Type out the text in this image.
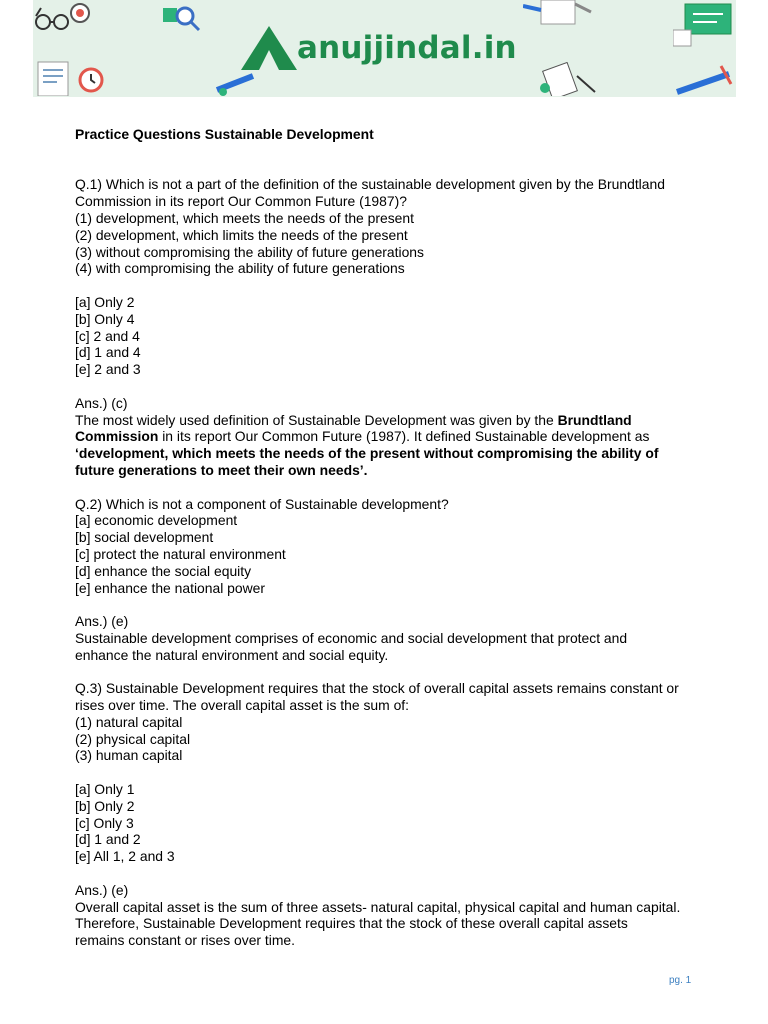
anujjindal.in

Practice Questions Sustainable Development

Q.1) Which is not a part of the definition of the sustainable development given by the Brundtland

Commission in its report Our Common Future (1987)?

(1) development, which meets the needs of the present

(2) development, which limits the needs of the present

(3) without compromising the ability of future generations

(4) with compromising the ability of future generations

[a] Only 2

[b] Only 4

[c] 2 and 4

[d] 1 and 4

[e] 2 and 3

Ans.) (c)

The most widely used definition of Sustainable Development was given by the Brundtland

Commission in its report Our Common Future (1987). It defined Sustainable development as

‘development, which meets the needs of the present without compromising the ability of

future generations to meet their own needs’.

Q.2) Which is not a component of Sustainable development?

[a] economic development

[b] social development

[c] protect the natural environment

[d] enhance the social equity

[e] enhance the national power

Ans.) (e)

Sustainable development comprises of economic and social development that protect and

enhance the natural environment and social equity.

Q.3) Sustainable Development requires that the stock of overall capital assets remains constant or

rises over time. The overall capital asset is the sum of:

(1) natural capital

(2) physical capital

(3) human capital

[a] Only 1

[b] Only 2

[c] Only 3

[d] 1 and 2

[e] All 1, 2 and 3

Ans.) (e)

Overall capital asset is the sum of three assets- natural capital, physical capital and human capital.

Therefore, Sustainable Development requires that the stock of these overall capital assets

remains constant or rises over time.

pg. 1
